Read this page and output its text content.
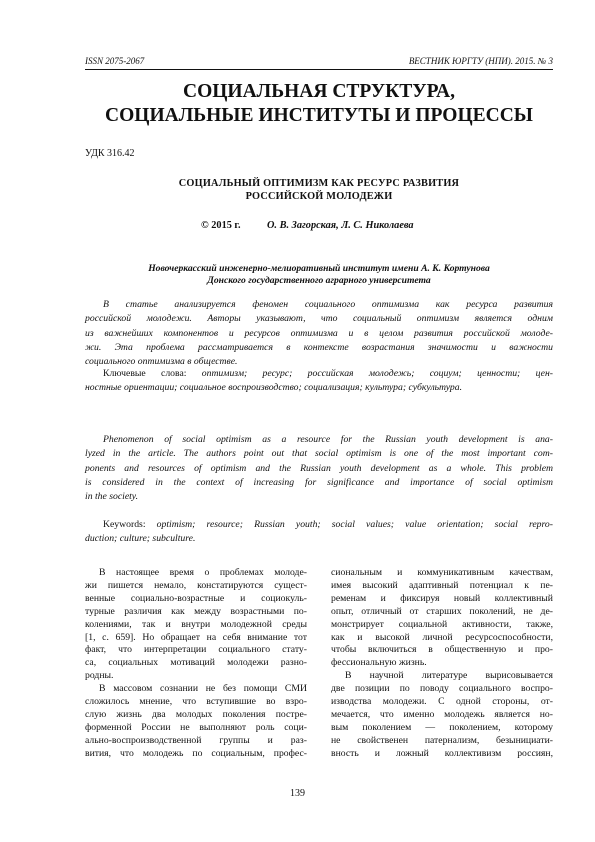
ISSN 2075-2067	ВЕСТНИК ЮРГТУ (НПИ). 2015. № 3
СОЦИАЛЬНАЯ СТРУКТУРА,
СОЦИАЛЬНЫЕ ИНСТИТУТЫ И ПРОЦЕССЫ
УДК 316.42
СОЦИАЛЬНЫЙ ОПТИМИЗМ КАК РЕСУРС РАЗВИТИЯ
РОССИЙСКОЙ МОЛОДЕЖИ
© 2015 г.	О. В. Загорская, Л. С. Николаева
Новочеркасский инженерно-мелиоративный институт имени А. К. Кортунова
Донского государственного аграрного университета
В статье анализируется феномен социального оптимизма как ресурса развития
российской молодежи. Авторы указывают, что социальный оптимизм является одним
из важнейших компонентов и ресурсов оптимизма и в целом развития российской молоде-
жи. Эта проблема рассматривается в контексте возрастания значимости и важности
социального оптимизма в обществе.
Ключевые слова: оптимизм; ресурс; российская молодежь; социум; ценности; цен-
ностные ориентации; социальное воспроизводство; социализация; культура; субкультура.
Phenomenon of social optimism as a resource for the Russian youth development is ana-
lyzed in the article. The authors point out that social optimism is one of the most important com-
ponents and resources of optimism and the Russian youth development as a whole. This problem
is considered in the context of increasing for significance and importance of social optimism
in the society.
Keywords: optimism; resource; Russian youth; social values; value orientation; social repro-
duction; culture; subculture.
В настоящее время о проблемах молоде-
жи пишется немало, констатируются сущест-
венные социально-возрастные и социокуль-
турные различия как между возрастными по-
колениями, так и внутри молодежной среды
[1, с. 659]. Но обращает на себя внимание тот
факт, что интерпретации социального стату-
са, социальных мотиваций молодежи разно-
родны.
В массовом сознании не без помощи СМИ
сложилось мнение, что вступившие во взро-
слую жизнь два молодых поколения постре-
форменной России не выполняют роль соци-
ально-воспроизводственной группы и раз-
вития, что молодежь по социальным, профес-
сиональным и коммуникативным качествам,
имея высокий адаптивный потенциал к пе-
ременам и фиксируя новый коллективный
опыт, отличный от старших поколений, не де-
монстрирует социальной активности, также,
как и высокой личной ресурсоспособности,
чтобы включиться в общественную и про-
фессиональную жизнь.
В научной литературе вырисовывается
две позиции по поводу социального воспро-
изводства молодежи. С одной стороны, от-
мечается, что именно молодежь является но-
вым поколением — поколением, которому
не свойственен патернализм, безынициати-
вность и ложный коллективизм россиян,
139
